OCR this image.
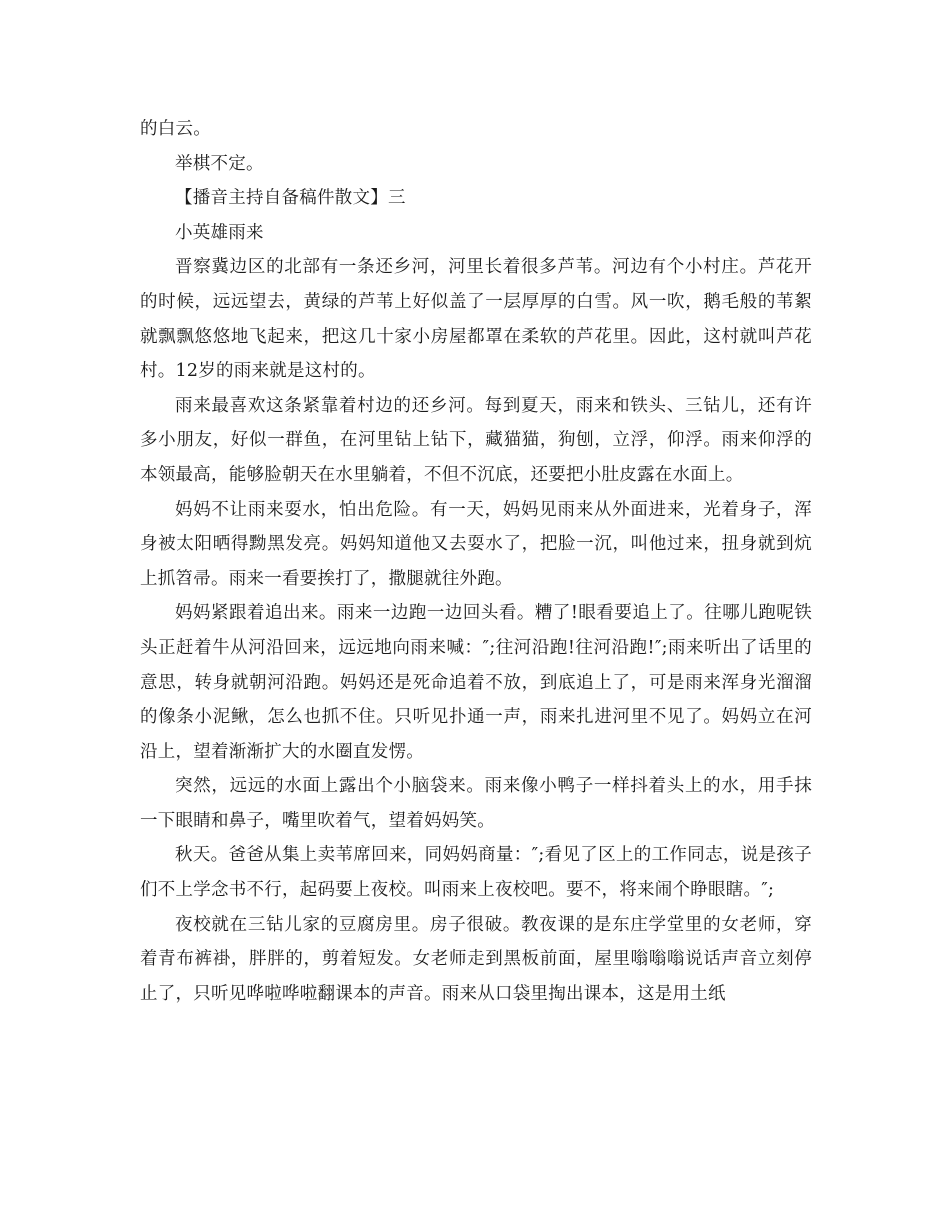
的白云。

举棋不定。

【播音主持自备稿件散文】三

小英雄雨来

晋察冀边区的北部有一条还乡河，河里长着很多芦苇。河边有个小村庄。芦花开的时候，远远望去，黄绿的芦苇上好似盖了一层厚厚的白雪。风一吹，鹅毛般的苇絮就飘飘悠悠地飞起来，把这几十家小房屋都罩在柔软的芦花里。因此，这村就叫芦花村。12岁的雨来就是这村的。

雨来最喜欢这条紧靠着村边的还乡河。每到夏天，雨来和铁头、三钻儿，还有许多小朋友，好似一群鱼，在河里钻上钻下，藏猫猫，狗刨，立浮，仰浮。雨来仰浮的本领最高，能够脸朝天在水里躺着，不但不沉底，还要把小肚皮露在水面上。

妈妈不让雨来耍水，怕出危险。有一天，妈妈见雨来从外面进来，光着身子，浑身被太阳晒得黝黑发亮。妈妈知道他又去耍水了，把脸一沉，叫他过来，扭身就到炕上抓笤帚。雨来一看要挨打了，撒腿就往外跑。

妈妈紧跟着追出来。雨来一边跑一边回头看。糟了!眼看要追上了。往哪儿跑呢铁头正赶着牛从河沿回来，远远地向雨来喊：″;往河沿跑!往河沿跑!″;雨来听出了话里的意思，转身就朝河沿跑。妈妈还是死命追着不放，到底追上了，可是雨来浑身光溜溜的像条小泥鳅，怎么也抓不住。只听见扑通一声，雨来扎进河里不见了。妈妈立在河沿上，望着渐渐扩大的水圈直发愣。

突然，远远的水面上露出个小脑袋来。雨来像小鸭子一样抖着头上的水，用手抹一下眼睛和鼻子，嘴里吹着气，望着妈妈笑。

秋天。爸爸从集上卖苇席回来，同妈妈商量：″;看见了区上的工作同志，说是孩子们不上学念书不行，起码要上夜校。叫雨来上夜校吧。要不，将来闹个睁眼瞎。″;

夜校就在三钻儿家的豆腐房里。房子很破。教夜课的是东庄学堂里的女老师，穿着青布裤褂，胖胖的，剪着短发。女老师走到黑板前面，屋里嗡嗡嗡说话声音立刻停止了，只听见哗啦哗啦翻课本的声音。雨来从口袋里掏出课本，这是用土纸
